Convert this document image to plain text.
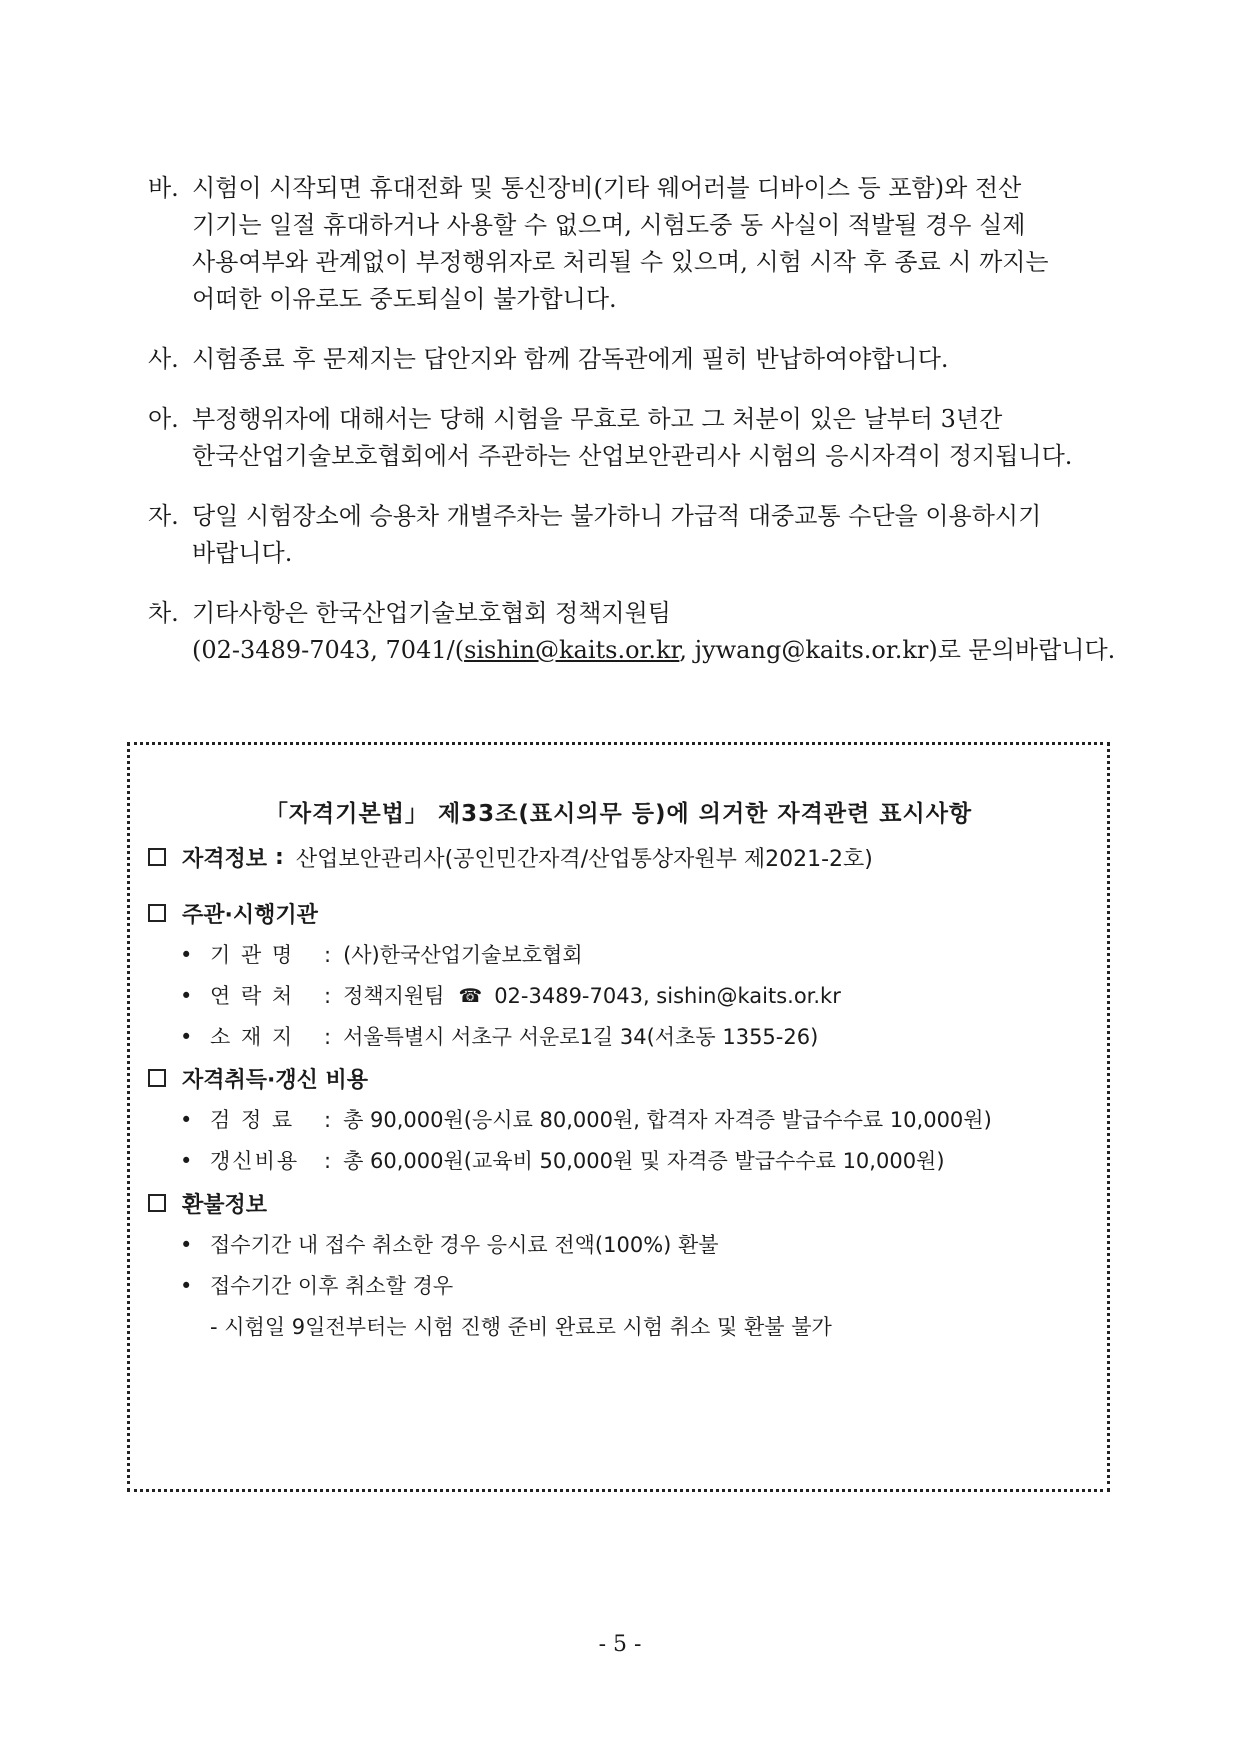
바. 시험이 시작되면 휴대전화 및 통신장비(기타 웨어러블 디바이스 등 포함)와 전산
기기는 일절 휴대하거나 사용할 수 없으며, 시험도중 동 사실이 적발될 경우 실제
사용여부와 관계없이 부정행위자로 처리될 수 있으며, 시험 시작 후 종료 시 까지는
어떠한 이유로도 중도퇴실이 불가합니다.
사. 시험종료 후 문제지는 답안지와 함께 감독관에게 필히 반납하여야합니다.
아. 부정행위자에 대해서는 당해 시험을 무효로 하고 그 처분이 있은 날부터 3년간
한국산업기술보호협회에서 주관하는 산업보안관리사 시험의 응시자격이 정지됩니다.
자. 당일 시험장소에 승용차 개별주차는 불가하니 가급적 대중교통 수단을 이용하시기
바랍니다.
차. 기타사항은 한국산업기술보호협회 정책지원팀
(02-3489-7043, 7041/(sishin@kaits.or.kr, jywang@kaits.or.kr)로 문의바랍니다.
「자격기본법」 제33조(표시의무 등)에 의거한 자격관련 표시사항
자격정보 : 산업보안관리사(공인민간자격/산업통상자원부 제2021-2호)
주관·시행기관
• 기 관 명	: (사)한국산업기술보호협회
• 연 락 처	: 정책지원팀 ☎ 02-3489-7043, sishin@kaits.or.kr
• 소 재 지	: 서울특별시 서초구 서운로1길 34(서초동 1355-26)
자격취득·갱신 비용
• 검 정 료	: 총 90,000원(응시료 80,000원, 합격자 자격증 발급수수료 10,000원)
• 갱신비용	: 총 60,000원(교육비 50,000원 및 자격증 발급수수료 10,000원)
환불정보
• 접수기간 내 접수 취소한 경우 응시료 전액(100%) 환불
• 접수기간 이후 취소할 경우
- 시험일 9일전부터는 시험 진행 준비 완료로 시험 취소 및 환불 불가
- 5 -
